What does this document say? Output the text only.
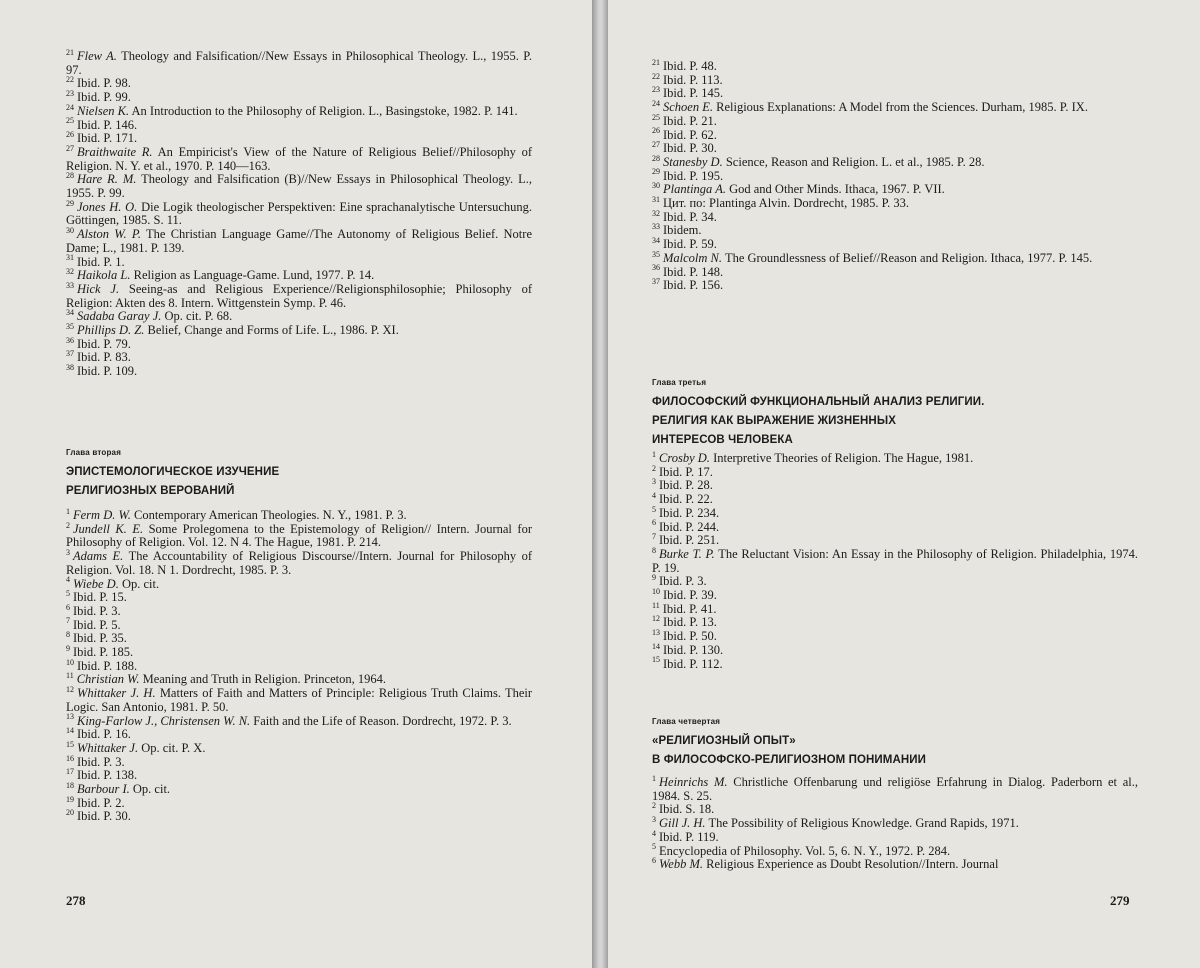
$^{21}$ Flew A. Theology and Falsification//New Essays in Philosophical Theology. L., 1955. P. 97.
$^{22}$ Ibid. P. 98.
$^{23}$ Ibid. P. 99.
$^{24}$ Nielsen K. An Introduction to the Philosophy of Religion. L., Basingstoke, 1982. P. 141.
$^{25}$ Ibid. P. 146.
$^{26}$ Ibid. P. 171.
$^{27}$ Braithwaite R. An Empiricist's View of the Nature of Religious Belief//Philosophy of Religion. N. Y. et al., 1970. P. 140—163.
$^{28}$ Hare R. M. Theology and Falsification (B)//New Essays in Philosophical Theology. L., 1955. P. 99.
$^{29}$ Jones H. O. Die Logik theologischer Perspektiven: Eine sprachanalytische Untersuchung. Göttingen, 1985. S. 11.
$^{30}$ Alston W. P. The Christian Language Game//The Autonomy of Religious Belief. Notre Dame; L., 1981. P. 139.
$^{31}$ Ibid. P. 1.
$^{32}$ Haikola L. Religion as Language-Game. Lund, 1977. P. 14.
$^{33}$ Hick J. Seeing-as and Religious Experience//Religionsphilosophie; Philosophy of Religion: Akten des 8. Intern. Wittgenstein Symp. P. 46.
$^{34}$ Sadaba Garay J. Op. cit. P. 68.
$^{35}$ Phillips D. Z. Belief, Change and Forms of Life. L., 1986. P. XI.
$^{36}$ Ibid. P. 79.
$^{37}$ Ibid. P. 83.
$^{38}$ Ibid. P. 109.
Глава вторая
ЭПИСТЕМОЛОГИЧЕСКОЕ ИЗУЧЕНИЕ
РЕЛИГИОЗНЫХ ВЕРОВАНИЙ
$^1$ Ferm D. W. Contemporary American Theologies. N. Y., 1981. P. 3.
$^2$ Jundell K. E. Some Prolegomena to the Epistemology of Religion// Intern. Journal for Philosophy of Religion. Vol. 12. N 4. The Hague, 1981. P. 214.
$^3$ Adams E. The Accountability of Religious Discourse//Intern. Journal for Philosophy of Religion. Vol. 18. N 1. Dordrecht, 1985. P. 3.
$^4$ Wiebe D. Op. cit.
$^5$ Ibid. P. 15.
$^6$ Ibid. P. 3.
$^7$ Ibid. P. 5.
$^8$ Ibid. P. 35.
$^9$ Ibid. P. 185.
$^{10}$ Ibid. P. 188.
$^{11}$ Christian W. Meaning and Truth in Religion. Princeton, 1964.
$^{12}$ Whittaker J. H. Matters of Faith and Matters of Principle: Religious Truth Claims. Their Logic. San Antonio, 1981. P. 50.
$^{13}$ King-Farlow J., Christensen W. N. Faith and the Life of Reason. Dordrecht, 1972. P. 3.
$^{14}$ Ibid. P. 16.
$^{15}$ Whittaker J. Op. cit. P. X.
$^{16}$ Ibid. P. 3.
$^{17}$ Ibid. P. 138.
$^{18}$ Barbour I. Op. cit.
$^{19}$ Ibid. P. 2.
$^{20}$ Ibid. P. 30.
278
$^{21}$ Ibid. P. 48.
$^{22}$ Ibid. P. 113.
$^{23}$ Ibid. P. 145.
$^{24}$ Schoen E. Religious Explanations: A Model from the Sciences. Durham, 1985. P. IX.
$^{25}$ Ibid. P. 21.
$^{26}$ Ibid. P. 62.
$^{27}$ Ibid. P. 30.
$^{28}$ Stanesby D. Science, Reason and Religion. L. et al., 1985. P. 28.
$^{29}$ Ibid. P. 195.
$^{30}$ Plantinga A. God and Other Minds. Ithaca, 1967. P. VII.
$^{31}$ Цит. по: Plantinga Alvin. Dordrecht, 1985. P. 33.
$^{32}$ Ibid. P. 34.
$^{33}$ Ibidem.
$^{34}$ Ibid. P. 59.
$^{35}$ Malcolm N. The Groundlessness of Belief//Reason and Religion. Ithaca, 1977. P. 145.
$^{36}$ Ibid. P. 148.
$^{37}$ Ibid. P. 156.
Глава третья
ФИЛОСОФСКИЙ ФУНКЦИОНАЛЬНЫЙ АНАЛИЗ РЕЛИГИИ.
РЕЛИГИЯ КАК ВЫРАЖЕНИЕ ЖИЗНЕННЫХ
ИНТЕРЕСОВ ЧЕЛОВЕКА
$^1$ Crosby D. Interpretive Theories of Religion. The Hague, 1981.
$^2$ Ibid. P. 17.
$^3$ Ibid. P. 28.
$^4$ Ibid. P. 22.
$^5$ Ibid. P. 234.
$^6$ Ibid. P. 244.
$^7$ Ibid. P. 251.
$^8$ Burke T. P. The Reluctant Vision: An Essay in the Philosophy of Religion. Philadelphia, 1974. P. 19.
$^9$ Ibid. P. 3.
$^{10}$ Ibid. P. 39.
$^{11}$ Ibid. P. 41.
$^{12}$ Ibid. P. 13.
$^{13}$ Ibid. P. 50.
$^{14}$ Ibid. P. 130.
$^{15}$ Ibid. P. 112.
Глава четвертая
«РЕЛИГИОЗНЫЙ ОПЫТ»
В ФИЛОСОФСКО-РЕЛИГИОЗНОМ ПОНИМАНИИ
$^1$ Heinrichs M. Christliche Offenbarung und religiöse Erfahrung in Dialog. Paderborn et al., 1984. S. 25.
$^2$ Ibid. S. 18.
$^3$ Gill J. H. The Possibility of Religious Knowledge. Grand Rapids, 1971.
$^4$ Ibid. P. 119.
$^5$ Encyclopedia of Philosophy. Vol. 5, 6. N. Y., 1972. P. 284.
$^6$ Webb M. Religious Experience as Doubt Resolution//Intern. Journal
279
